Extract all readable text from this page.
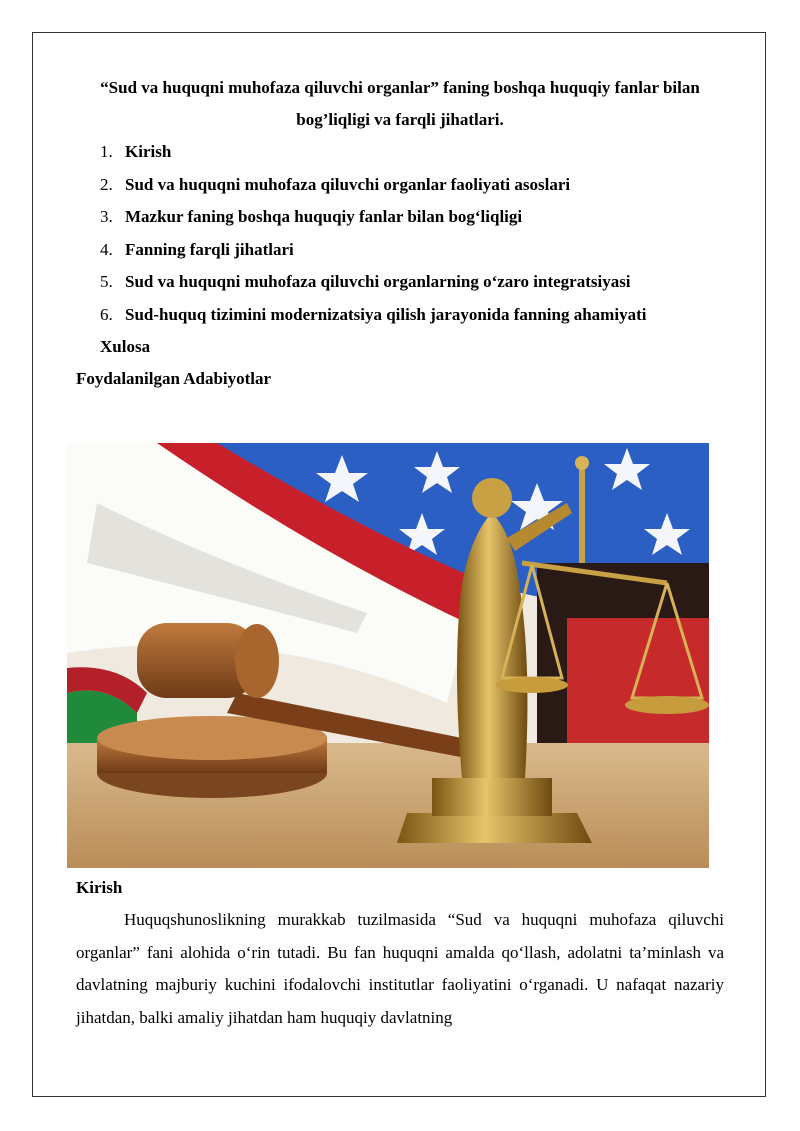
“Sud va huquqni muhofaza qiluvchi organlar” faning boshqa huquqiy fanlar bilan bog’liqligi va farqli jihatlari.
1. Kirish
2. Sud va huquqni muhofaza qiluvchi organlar faoliyati asoslari
3. Mazkur faning boshqa huquqiy fanlar bilan bog‘liqligi
4. Fanning farqli jihatlari
5. Sud va huquqni muhofaza qiluvchi organlarning o‘zaro integratsiyasi
6. Sud-huquq tizimini modernizatsiya qilish jarayonida fanning ahamiyati
Xulosa
Foydalanilgan Adabiyotlar
Kirish

Huquqshunoslikning murakkab tuzilmasida “Sud va huquqni muhofaza qiluvchi organlar” fani alohida o‘rin tutadi. Bu fan huquqni amalda qo‘llash, adolatni ta’minlash va davlatning majburiy kuchini ifodalovchi institutlar faoliyatini o‘rganadi. U nafaqat nazariy jihatdan, balki amaliy jihatdan ham huquqiy davlatning
